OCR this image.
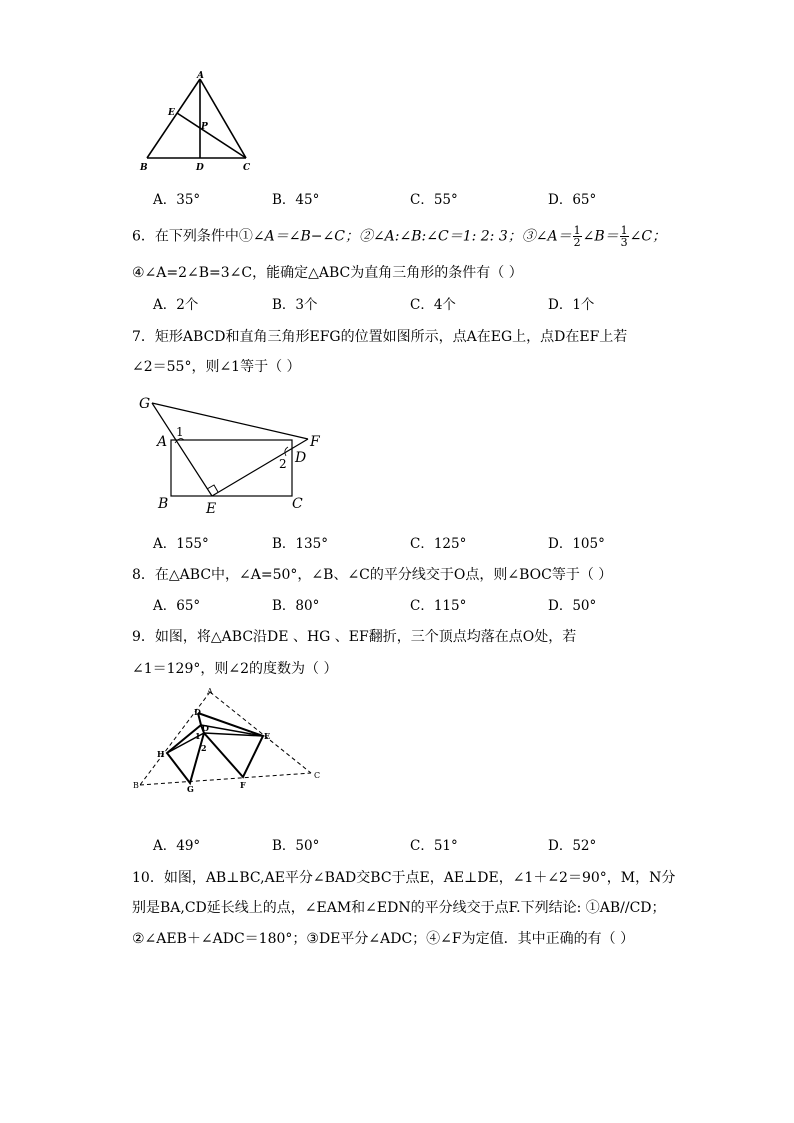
A
E
P
B	D	C
A．35°	B．45°	C．55°	D．65°
6．在下列条件中①∠A＝∠B−∠C；②∠A:∠B:∠C＝1: 2: 3；③∠A＝ $\frac{1}{2}$ ∠B＝ $\frac{1}{3}$ ∠C；
④∠A=2∠B=3∠C，能确定△ABC为直角三角形的条件有（ ）
A．2个	B．3个	C．4个	D．1个
7．矩形ABCD和直角三角形EFG的位置如图所示，点A在EG上，点D在EF上若
∠2＝55°，则∠1等于（ ）
G
A
1
F
D
2
B	E	C
A．155°	B．135°	C．125°	D．105°
8．在△ABC中，∠A=50°，∠B、∠C的平分线交于O点，则∠BOC等于（ ）
A．65°	B．80°	C．115°	D．50°
9．如图，将△ABC沿DE 、HG 、EF翻折，三个顶点均落在点O处，若
∠1＝129°，则∠2的度数为（ ）
A
D
O
1
2
E
H
B	G	F
C
A．49°	B．50°	C．51°	D．52°
10．如图，AB⊥BC,AE平分∠BAD交BC于点E，AE⊥DE，∠1＋∠2＝90°，M，N分
别是BA,CD延长线上的点，∠EAM和∠EDN的平分线交于点F.下列结论: ①AB//CD；
②∠AEB＋∠ADC＝180°；③DE平分∠ADC；④∠F为定值．其中正确的有（ ）
